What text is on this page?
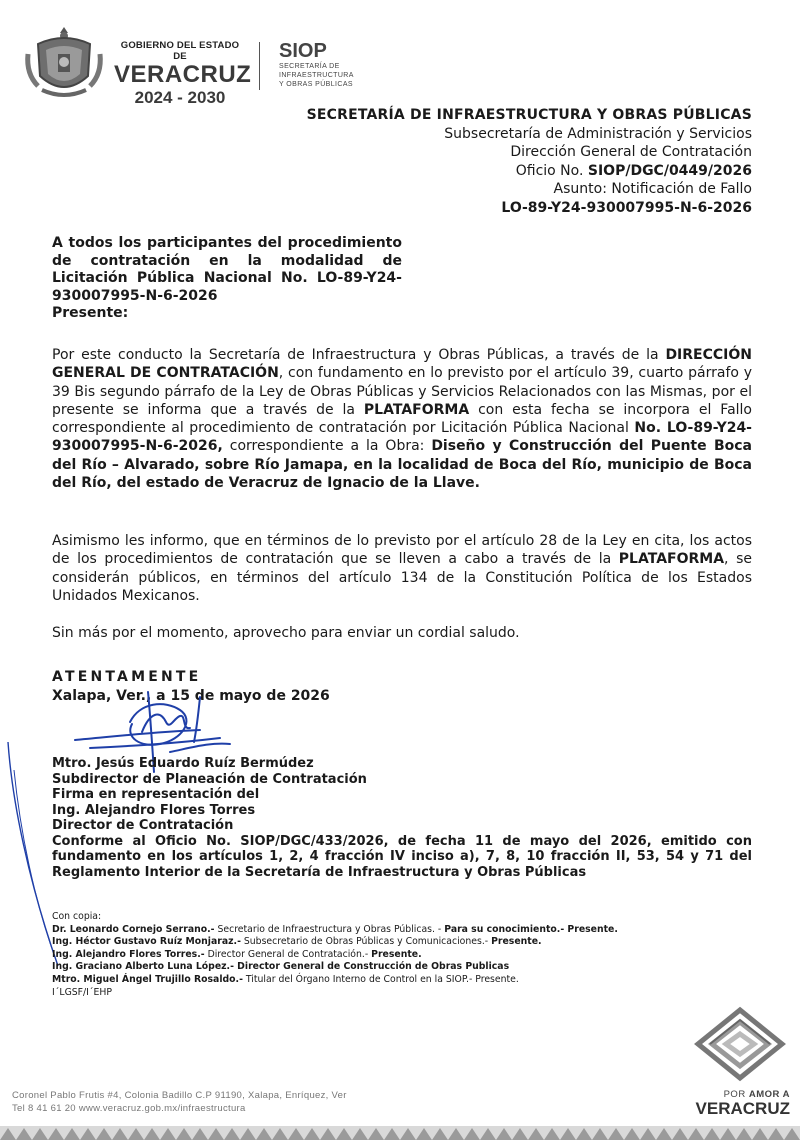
GOBIERNO DEL ESTADO DE
VERACRUZ
2024 - 2030
SIOP
SECRETARÍA DE
INFRAESTRUCTURA
Y OBRAS PÚBLICAS
SECRETARÍA DE INFRAESTRUCTURA Y OBRAS PÚBLICAS
Subsecretaría de Administración y Servicios
Dirección General de Contratación
Oficio No. SIOP/DGC/0449/2026
Asunto: Notificación de Fallo
LO-89-Y24-930007995-N-6-2026
A todos los participantes del procedimiento de contratación en la modalidad de Licitación Pública Nacional No. LO-89-Y24-930007995-N-6-2026
Presente:
Por este conducto la Secretaría de Infraestructura y Obras Públicas, a través de la DIRECCIÓN GENERAL DE CONTRATACIÓN, con fundamento en lo previsto por el artículo 39, cuarto párrafo y 39 Bis segundo párrafo de la Ley de Obras Públicas y Servicios Relacionados con las Mismas, por el presente se informa que a través de la PLATAFORMA con esta fecha se incorpora el Fallo correspondiente al procedimiento de contratación por Licitación Pública Nacional No. LO-89-Y24-930007995-N-6-2026, correspondiente a la Obra: Diseño y Construcción del Puente Boca del Río – Alvarado, sobre Río Jamapa, en la localidad de Boca del Río, municipio de Boca del Río, del estado de Veracruz de Ignacio de la Llave.
Asimismo les informo, que en términos de lo previsto por el artículo 28 de la Ley en cita, los actos de los procedimientos de contratación que se lleven a cabo a través de la PLATAFORMA, se considerán públicos, en términos del artículo 134 de la Constitución Política de los Estados Unidados Mexicanos.
Sin más por el momento, aprovecho para enviar un cordial saludo.
ATENTAMENTE
Xalapa, Ver., a 15 de mayo de 2026
Mtro. Jesús Eduardo Ruíz Bermúdez
Subdirector de Planeación de Contratación
Firma en representación del
Ing. Alejandro Flores Torres
Director de Contratación
Conforme al Oficio No. SIOP/DGC/433/2026, de fecha 11 de mayo del 2026, emitido con fundamento en los artículos 1, 2, 4 fracción IV inciso a), 7, 8, 10 fracción II, 53, 54 y 71 del Reglamento Interior de la Secretaría de Infraestructura y Obras Públicas
Con copia:
Dr. Leonardo Cornejo Serrano.- Secretario de Infraestructura y Obras Públicas. - Para su conocimiento.- Presente.
Ing. Héctor Gustavo Ruíz Monjaraz.- Subsecretario de Obras Públicas y Comunicaciones.- Presente.
Ing. Alejandro Flores Torres.- Director General de Contratación.- Presente.
Ing. Graciano Alberto Luna López.- Director General de Construcción de Obras Publicas
Mtro. Miguel Ángel Trujillo Rosaldo.- Titular del Órgano Interno de Control en la SIOP.- Presente.
I´LGSF/I´EHP
Coronel Pablo Frutis #4, Colonia Badillo C.P 91190, Xalapa, Enríquez, Ver
Tel 8 41 61 20 www.veracruz.gob.mx/infraestructura
POR AMOR A
VERACRUZ
